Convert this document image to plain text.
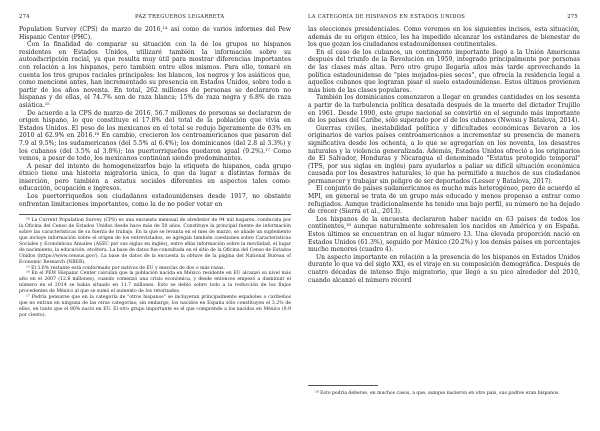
274	PAZ TREGUEROS LEGARRETA

Population Survey (CPS) de marzo de 2016,¹⁴ así como de varios informes del Pew Hispanic Center (PHC).

Con la finalidad de comparar su situación con la de los grupos no hispanos residentes en Estados Unidos, utilizaré también la información sobre su autoadscripción racial, ya que resulta muy útil para mostrar diferencias importantes con relación a los hispanos, pero también entre ellos mismos. Para ello, tomaré en cuenta los tres grupos raciales principales: los blancos, los negros y los asiáticos que, como mencioné antes, han incrementado su presencia en Estados Unidos, sobre todo a partir de los años noventa. En total, 262 millones de personas se declararon no hispanas y de ellas, el 74.7% son de raza blanca; 15% de raza negra y 6.8% de raza asiática.¹⁵

De acuerdo a la CPS de marzo de 2016, 56.7 millones de personas se declararon de origen hispano, lo que constituye el 17.8% del total de la población que vivía en Estados Unidos. El peso de los mexicanos en el total se redujo ligeramente de 63% en 2010 al 62.9% en 2016.¹⁶ En cambio, crecieron los centroamericanos que pasaron del 7.9 al 9.5%; los sudamericanos (del 5.5% al 6.4%); los dominicanos (del 2.8 al 3.3%) y los cubanos (del 3.5% al 3.8%); los puertorriqueños quedaron igual (9.2%).¹⁷ Como vemos, a pesar de todo, los mexicanos continúan siendo predominantes.

A pesar del intento de homogeneizarlos bajo la etiqueta de hispanos, cada grupo étnico tiene una historia migratoria única, lo que da lugar a distintas formas de inserción, pero también a estatus sociales diferentes en aspectos tales como: educación, ocupación e ingresos.

Los puertorriqueños son ciudadanos estadounidenses desde 1917, no obstante enfrentan limitaciones importantes, como la de no poder votar en

¹⁴ La Current Population Survey (CPS) es una encuesta mensual de alrededor de 94 mil hogares, conducida por la Oficina del Censo de Estados Unidos desde hace más de 50 años. Constituye la principal fuente de información sobre las características de su fuerza de trabajo. En la que se levanta en el mes de marzo, se añade un suplemento que incluye información sobre el origen de los entrevistados, se agregan también cuestiones sobre Características Sociales y Económicas Anuales (ASEC por sus siglas en inglés), entre ellas información sobre la movilidad, el lugar de nacimiento, la educación, etcétera. La base de datos fue consultada en el sitio de la Oficina del Censo de Estados Unidos (https://www.census.gov/). La base de datos de la encuesta la obtuve de la página del National Bureau of Economic Research (NBER).

¹⁵ El 3.6% restante está conformado por nativos de EU y mezclas de dos o más razas.

¹⁶ En el PEW Hispanic Center calculan que la población nacida en México residente en EU alcanzó su nivel más alto en el 2007 (12.8 millones), cuando comenzó una crisis económica, y desde entonces empezó a disminuir el número en el 2014 se había situado en 11.7 millones. Esto se debió sobre todo a la reducción de los flujos procedentes de México al que se sumó el aumento de los retornados.

¹⁷ Podría pensarse que en la categoría de "otros hispanos" se incluyeran principalmente españoles o caribeños que no entran en ninguna de las otras categorías; sin embargo, los nacidos en España sólo constituyen el 3.2% de ellos, en tanto que el 80% nació en EU. El otro grupo importante es el que comprende a los nacidos en México (9.9 por ciento).

LA CATEGORÍA DE HISPANOS EN ESTADOS UNIDOS	275

las elecciones presidenciales. Como veremos en los siguientes incisos, esta situación, además de su origen étnico, les ha impedido alcanzar los estándares de bienestar de los que gozan los ciudadanos estadounidenses continentales.

En el caso de los cubanos, un contingente importante llegó a la Unión Americana después del triunfo de la Revolución en 1959, integrado principalmente por personas de las clases más altas. Pero otro grupo llegaría años más tarde aprovechando la política estadounidense de "pies mojados-pies secos", que ofrecía la residencia legal a aquellos cubanos que lograran pisar el suelo estadounidense. Estos últimos provienen más bien de las clases populares.

También los dominicanos comenzaron a llegar en grandes cantidades en los sesenta a partir de la turbulencia política desatada después de la muerte del dictador Trujillo en 1961. Desde 1990, este grupo nacional se convirtió en el segundo más importante de los países del Caribe, sólo superado por el de los cubanos (Nwosu y Batalova, 2014).

Guerras civiles, inestabilidad política y dificultades económicas llevaron a los originarios de varios países centroamericanos a incrementar su presencia de manera significativa desde los ochenta, a lo que se agregarían en los noventa, los desastres naturales y la violencia generalizada. Además, Estados Unidos ofreció a los originarios de El Salvador, Honduras y Nicaragua el denominado "Estatus protegido temporal" (TPS, por sus siglas en inglés) para ayudarlos a paliar su difícil situación económica causada por los desastres naturales, lo que ha permitido a muchos de sus ciudadanos permanecer y trabajar sin peligro de ser deportados (Lesser y Batalova, 2017).

El conjunto de países sudamericanos es mucho más heterogéneo, pero de acuerdo al MPI, en general se trata de un grupo más educado y menos propenso a entrar como refugiados. Aunque tradicionalmente ha tenido una bajo perfil, su número no ha dejado de crecer (Sierra et al., 2013).

Los hispanos de la encuesta declararon haber nacido en 63 países de todos los continentes,¹⁸ aunque naturalmente sobresalen los nacidos en América y en España. Estos últimos se encuentran en el lugar número 13. Una elevada proporción nació en Estados Unidos (61.3%), seguido por México (20.2%) y los demás países en porcentajes mucho menores (cuadro 4).

Un aspecto importante en relación a la presencia de los hispanos en Estados Unidos durante lo que va del siglo XXI, es el viraje en su composición demográfica. Después de cuatro décadas de intenso flujo migratorio, que llegó a su pico alrededor del 2010, cuando alcanzó el número récord

¹⁸ Esto podría deberse, en muchos casos, a que, aunque nacieron en otro país, sus padres eran hispanos.
